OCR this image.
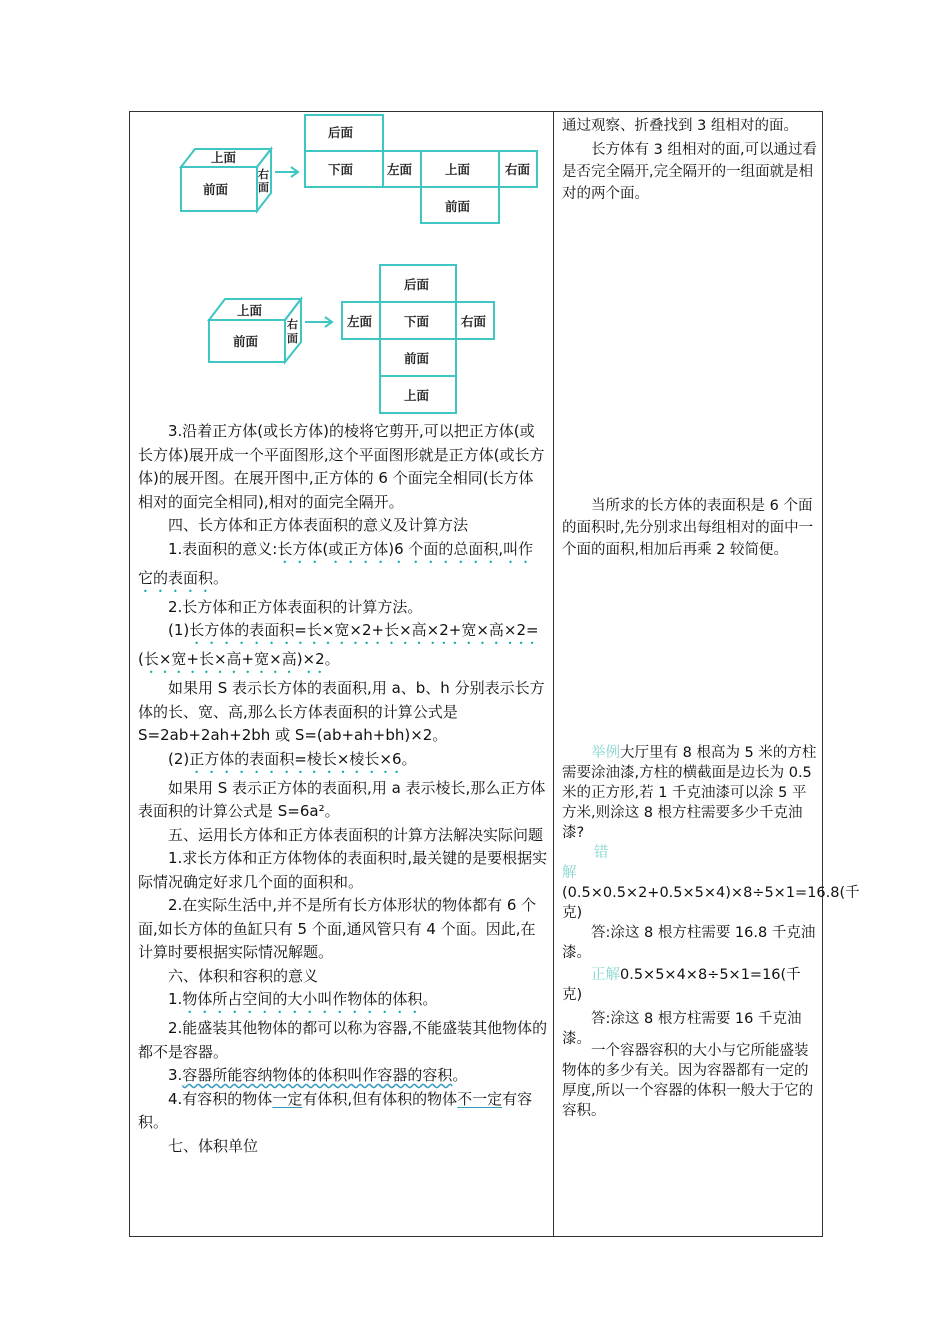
上面
前面
右
面
后面
下面	左面	上面	右面
前面
上面
前面
右
面
后面
左面	下面	右面
前面
上面

3.沿着正方体(或长方体)的棱将它剪开,可以把正方体(或长方体)展开成一个平面图形,这个平面图形就是正方体(或长方体)的展开图。在展开图中,正方体的 6 个面完全相同(长方体相对的面完全相同),相对的面完全隔开。

四、长方体和正方体表面积的意义及计算方法

1.表面积的意义:长方体(或正方体)6 个面的总面积,叫作它的表面积。

2.长方体和正方体表面积的计算方法。

(1)长方体的表面积=长×宽×2+长×高×2+宽×高×2=(长×宽+长×高+宽×高)×2。

如果用 S 表示长方体的表面积,用 a、b、h 分别表示长方体的长、宽、高,那么长方体表面积的计算公式是 S=2ab+2ah+2bh 或 S=(ab+ah+bh)×2。

(2)正方体的表面积=棱长×棱长×6。

如果用 S 表示正方体的表面积,用 a 表示棱长,那么正方体表面积的计算公式是 S=6a²。

五、运用长方体和正方体表面积的计算方法解决实际问题

1.求长方体和正方体物体的表面积时,最关键的是要根据实际情况确定好求几个面的面积和。

2.在实际生活中,并不是所有长方体形状的物体都有 6 个面,如长方体的鱼缸只有 5 个面,通风管只有 4 个面。因此,在计算时要根据实际情况解题。

六、体积和容积的意义

1.物体所占空间的大小叫作物体的体积。

2.能盛装其他物体的都可以称为容器,不能盛装其他物体的都不是容器。

3.容器所能容纳物体的体积叫作容器的容积。

4.有容积的物体一定有体积,但有体积的物体不一定有容积。

七、体积单位

通过观察、折叠找到 3 组相对的面。

长方体有 3 组相对的面,可以通过看是否完全隔开,完全隔开的一组面就是相对的两个面。

当所求的长方体的表面积是 6 个面的面积时,先分别求出每组相对的面中一个面的面积,相加后再乘 2 较简便。

举例大厅里有 8 根高为 5 米的方柱需要涂油漆,方柱的横截面是边长为 0.5 米的正方形,若 1 千克油漆可以涂 5 平方米,则涂这 8 根方柱需要多少千克油漆?

错

解(0.5×0.5×2+0.5×5×4)×8÷5×1=16.8(千克)

答:涂这 8 根方柱需要 16.8 千克油漆。

正解0.5×5×4×8÷5×1=16(千克)

答:涂这 8 根方柱需要 16 千克油漆。

一个容器容积的大小与它所能盛装物体的多少有关。因为容器都有一定的厚度,所以一个容器的体积一般大于它的容积。
